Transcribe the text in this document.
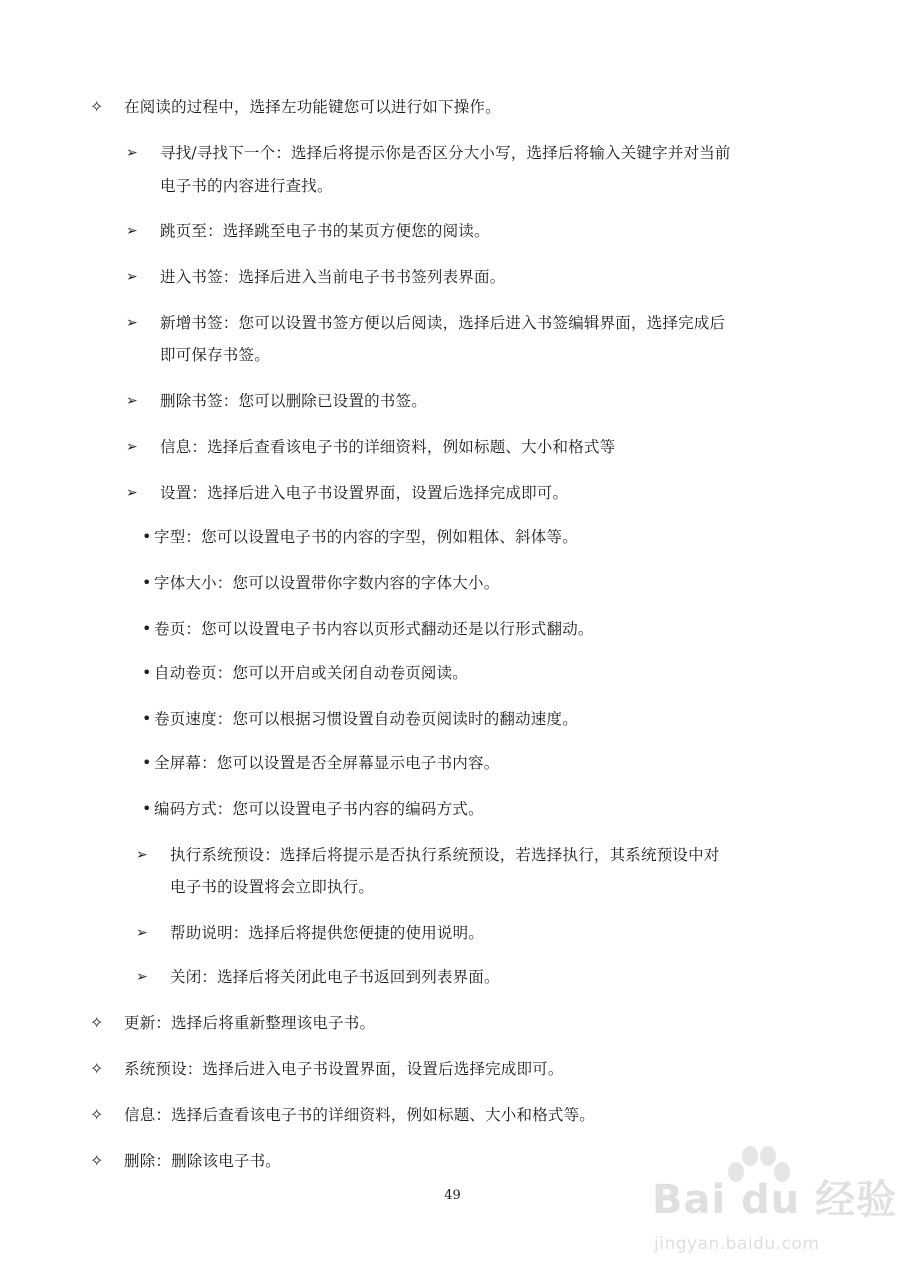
✧ 在阅读的过程中，选择左功能键您可以进行如下操作。
➢ 寻找/寻找下一个：选择后将提示你是否区分大小写，选择后将输入关键字并对当前
电子书的内容进行查找。
➢ 跳页至：选择跳至电子书的某页方便您的阅读。
➢ 进入书签：选择后进入当前电子书书签列表界面。
➢ 新增书签：您可以设置书签方便以后阅读，选择后进入书签编辑界面，选择完成后
即可保存书签。
➢ 删除书签：您可以删除已设置的书签。
➢ 信息：选择后查看该电子书的详细资料，例如标题、大小和格式等
➢ 设置：选择后进入电子书设置界面，设置后选择完成即可。
• 字型：您可以设置电子书的内容的字型，例如粗体、斜体等。
• 字体大小：您可以设置带你字数内容的字体大小。
• 卷页：您可以设置电子书内容以页形式翻动还是以行形式翻动。
• 自动卷页：您可以开启或关闭自动卷页阅读。
• 卷页速度：您可以根据习惯设置自动卷页阅读时的翻动速度。
• 全屏幕：您可以设置是否全屏幕显示电子书内容。
• 编码方式：您可以设置电子书内容的编码方式。
➢ 执行系统预设：选择后将提示是否执行系统预设，若选择执行，其系统预设中对
电子书的设置将会立即执行。
➢ 帮助说明：选择后将提供您便捷的使用说明。
➢ 关闭：选择后将关闭此电子书返回到列表界面。
✧ 更新：选择后将重新整理该电子书。
✧ 系统预设：选择后进入电子书设置界面，设置后选择完成即可。
✧ 信息：选择后查看该电子书的详细资料，例如标题、大小和格式等。
✧ 删除：删除该电子书。
49	Bai du 经验
jingyan.baidu.com
